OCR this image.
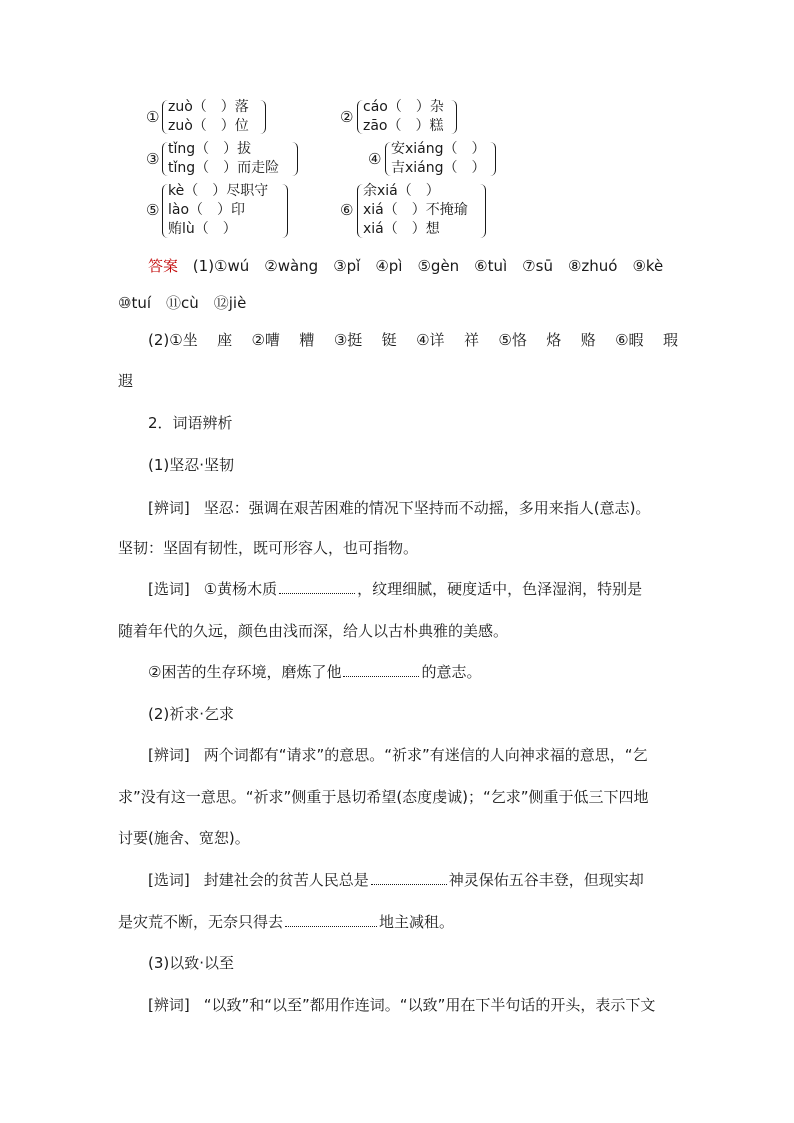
①
zuò（　）落
zuò（　）位	②
cáo（　）杂
zāo（　）糕
③
tǐng（　）拔
tǐng（　）而走险	④
安xiáng（　）
吉xiáng（　）
⑤
kè（　）尽职守
lào（　）印
贿lù（　）
⑥
余xiá（　）
xiá（　）不掩瑜
xiá（　）想
答案 (1)①wú　②wàng　③pǐ　④pì　⑤gèn　⑥tuì　⑦sū　⑧zhuó　⑨kè
⑩tuí　⑪cù　⑫jiè
(2)①坐 座 ②嘈 糟 ③挺 铤 ④详 祥 ⑤恪 烙 赂 ⑥暇 瑕
遐
2．词语辨析
(1)坚忍·坚韧
[辨词] 坚忍：强调在艰苦困难的情况下坚持而不动摇，多用来指人(意志)。
坚韧：坚固有韧性，既可形容人，也可指物。
[选词] ①黄杨木质	，纹理细腻，硬度适中，色泽湿润，特别是
随着年代的久远，颜色由浅而深，给人以古朴典雅的美感。
②困苦的生存环境，磨炼了他	的意志。
(2)祈求·乞求
[辨词] 两个词都有“请求”的意思。“祈求”有迷信的人向神求福的意思，“乞
求”没有这一意思。“祈求”侧重于恳切希望(态度虔诚)；“乞求”侧重于低三下四地
讨要(施舍、宽恕)。
[选词] 封建社会的贫苦人民总是	神灵保佑五谷丰登，但现实却
是灾荒不断，无奈只得去	地主减租。
(3)以致·以至
[辨词] “以致”和“以至”都用作连词。“以致”用在下半句话的开头，表示下文
